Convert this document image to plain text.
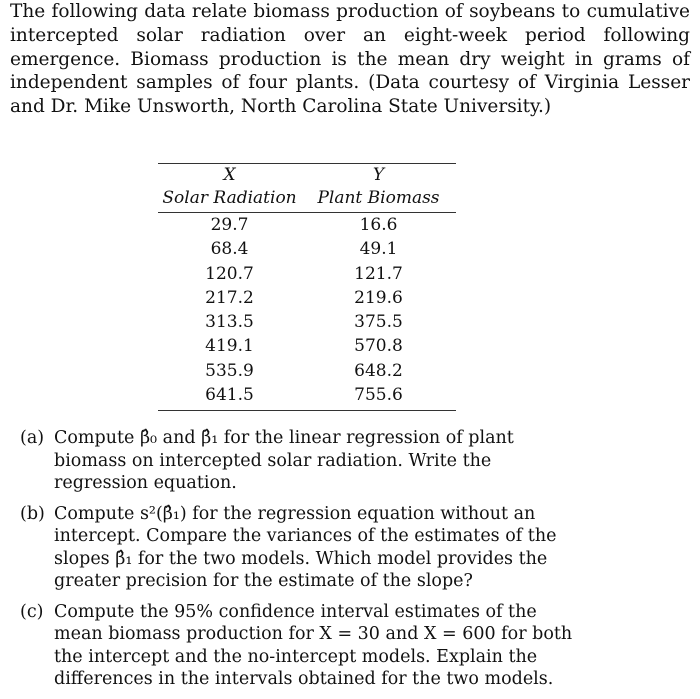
The following data relate biomass production of soybeans to cumulative intercepted solar radiation over an eight-week period following emergence. Biomass production is the mean dry weight in grams of independent samples of four plants. (Data courtesy of Virginia Lesser and Dr. Mike Unsworth, North Carolina State University.)

X	Y
Solar Radiation	Plant Biomass
29.7	16.6
68.4	49.1
120.7	121.7
217.2	219.6
313.5	375.5
419.1	570.8
535.9	648.2
641.5	755.6
(a) Compute β̂₀ and β̂₁ for the linear regression of plant biomass on intercepted solar radiation. Write the regression equation.
(b) Compute s²(β̂₁) for the regression equation without an intercept. Compare the variances of the estimates of the slopes β̂₁ for the two models. Which model provides the greater precision for the estimate of the slope?
(c) Compute the 95% confidence interval estimates of the mean biomass production for X = 30 and X = 600 for both the intercept and the no-intercept models. Explain the differences in the intervals obtained for the two models.
